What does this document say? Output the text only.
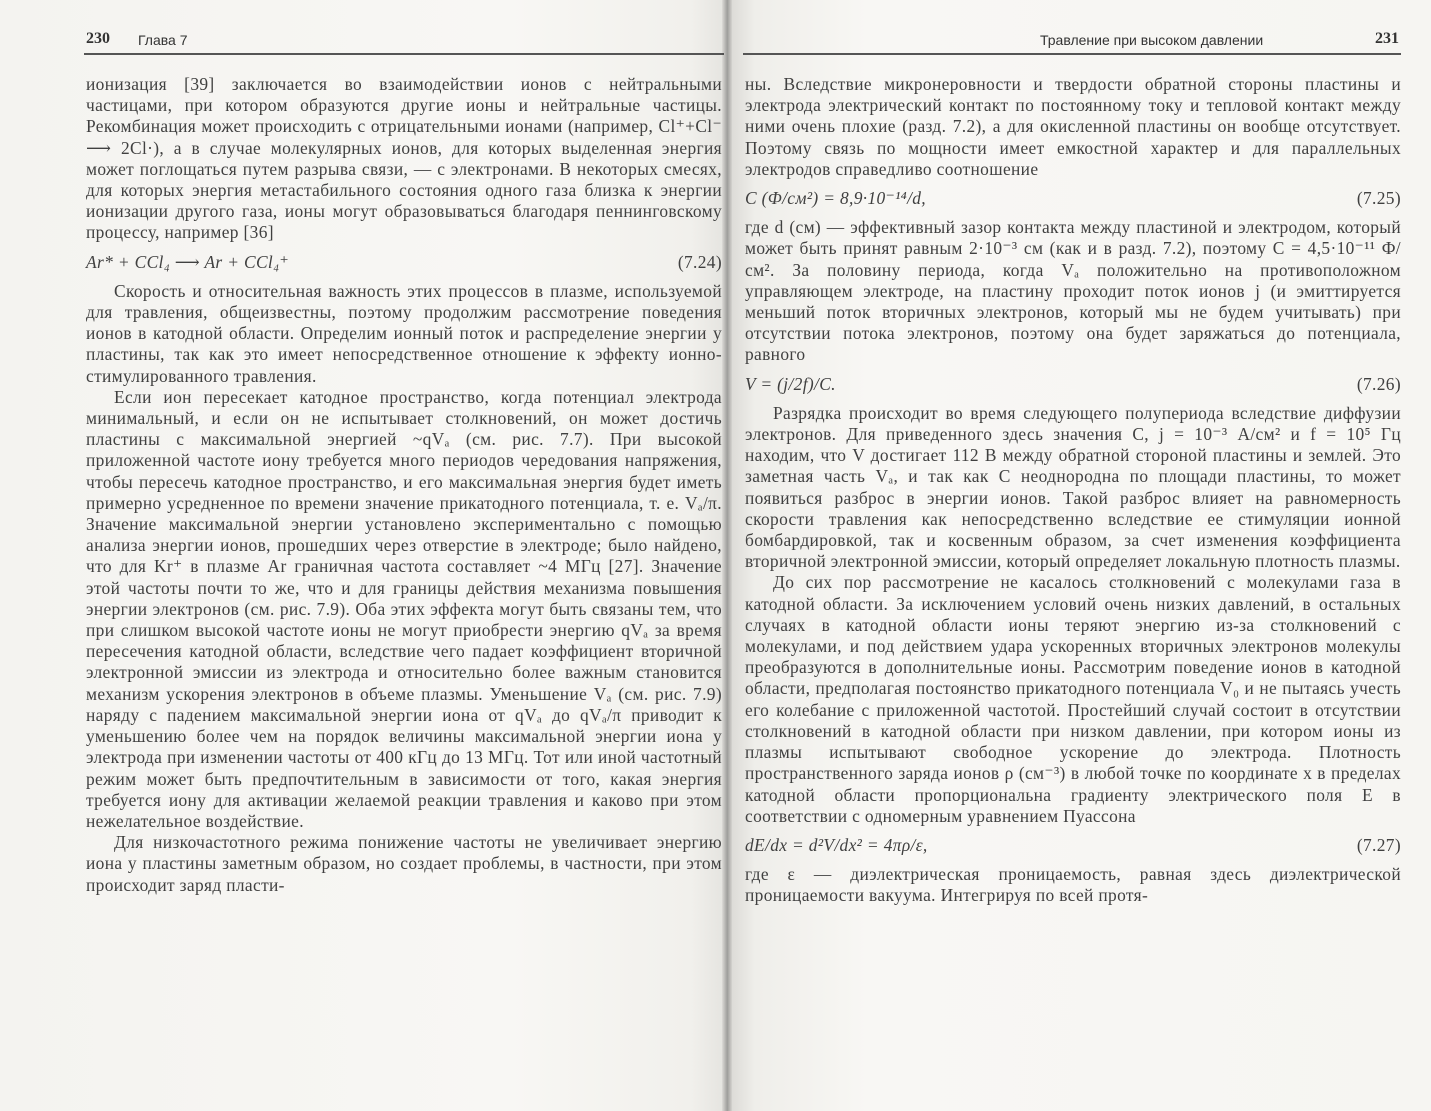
230 Глава 7

ионизация [39] заключается во взаимодействии ионов с нейтральными частицами, при котором образуются другие ионы и нейтральные частицы. Рекомбинация может происходить с отрицательными ионами (например, Cl⁺+Cl⁻ ⟶ 2Cl·), а в случае молекулярных ионов, для которых выделенная энергия может поглощаться путем разрыва связи, — с электронами. В некоторых смесях, для которых энергия метастабильного состояния одного газа близка к энергии ионизации другого газа, ионы могут образовываться благодаря пеннинговскому процессу, например [36]

Ar* + CCl₄ ⟶ Ar + CCl₄⁺	(7.24)

Скорость и относительная важность этих процессов в плазме, используемой для травления, общеизвестны, поэтому продолжим рассмотрение поведения ионов в катодной области. Определим ионный поток и распределение энергии у пластины, так как это имеет непосредственное отношение к эффекту ионно-стимулированного травления.

Если ион пересекает катодное пространство, когда потенциал электрода минимальный, и если он не испытывает столкновений, он может достичь пластины с максимальной энергией ~qVₐ (см. рис. 7.7). При высокой приложенной частоте иону требуется много периодов чередования напряжения, чтобы пересечь катодное пространство, и его максимальная энергия будет иметь примерно усредненное по времени значение прикатодного потенциала, т. е. Vₐ/π. Значение максимальной энергии установлено экспериментально с помощью анализа энергии ионов, прошедших через отверстие в электроде; было найдено, что для Kr⁺ в плазме Ar граничная частота составляет ~4 МГц [27]. Значение этой частоты почти то же, что и для границы действия механизма повышения энергии электронов (см. рис. 7.9). Оба этих эффекта могут быть связаны тем, что при слишком высокой частоте ионы не могут приобрести энергию qVₐ за время пересечения катодной области, вследствие чего падает коэффициент вторичной электронной эмиссии из электрода и относительно более важным становится механизм ускорения электронов в объеме плазмы. Уменьшение Vₐ (см. рис. 7.9) наряду с падением максимальной энергии иона от qVₐ до qVₐ/π приводит к уменьшению более чем на порядок величины максимальной энергии иона у электрода при изменении частоты от 400 кГц до 13 МГц. Тот или иной частотный режим может быть предпочтительным в зависимости от того, какая энергия требуется иону для активации желаемой реакции травления и каково при этом нежелательное воздействие.

Для низкочастотного режима понижение частоты не увеличивает энергию иона у пластины заметным образом, но создает проблемы, в частности, при этом происходит заряд пласти-

Травление при высоком давлении	231

ны. Вследствие микронеровности и твердости обратной стороны пластины и электрода электрический контакт по постоянному току и тепловой контакт между ними очень плохие (разд. 7.2), а для окисленной пластины он вообще отсутствует. Поэтому связь по мощности имеет емкостной характер и для параллельных электродов справедливо соотношение

C (Ф/см²) = 8,9·10⁻¹⁴/d,	(7.25)

где d (см) — эффективный зазор контакта между пластиной и электродом, который может быть принят равным 2·10⁻³ см (как и в разд. 7.2), поэтому C = 4,5·10⁻¹¹ Ф/см². За половину периода, когда Vₐ положительно на противоположном управляющем электроде, на пластину проходит поток ионов j (и эмиттируется меньший поток вторичных электронов, который мы не будем учитывать) при отсутствии потока электронов, поэтому она будет заряжаться до потенциала, равного

V = (j/2f)/C.	(7.26)

Разрядка происходит во время следующего полупериода вследствие диффузии электронов. Для приведенного здесь значения C, j = 10⁻³ А/см² и f = 10⁵ Гц находим, что V достигает 112 В между обратной стороной пластины и землей. Это заметная часть Vₐ, и так как C неоднородна по площади пластины, то может появиться разброс в энергии ионов. Такой разброс влияет на равномерность скорости травления как непосредственно вследствие ее стимуляции ионной бомбардировкой, так и косвенным образом, за счет изменения коэффициента вторичной электронной эмиссии, который определяет локальную плотность плазмы.

До сих пор рассмотрение не касалось столкновений с молекулами газа в катодной области. За исключением условий очень низких давлений, в остальных случаях в катодной области ионы теряют энергию из-за столкновений с молекулами, и под действием удара ускоренных вторичных электронов молекулы преобразуются в дополнительные ионы. Рассмотрим поведение ионов в катодной области, предполагая постоянство прикатодного потенциала V₀ и не пытаясь учесть его колебание с приложенной частотой. Простейший случай состоит в отсутствии столкновений в катодной области при низком давлении, при котором ионы из плазмы испытывают свободное ускорение до электрода. Плотность пространственного заряда ионов ρ (см⁻³) в любой точке по координате x в пределах катодной области пропорциональна градиенту электрического поля E в соответствии с одномерным уравнением Пуассона

dE/dx = d²V/dx² = 4πρ/ε,	(7.27)

где ε — диэлектрическая проницаемость, равная здесь диэлектрической проницаемости вакуума. Интегрируя по всей протя-
